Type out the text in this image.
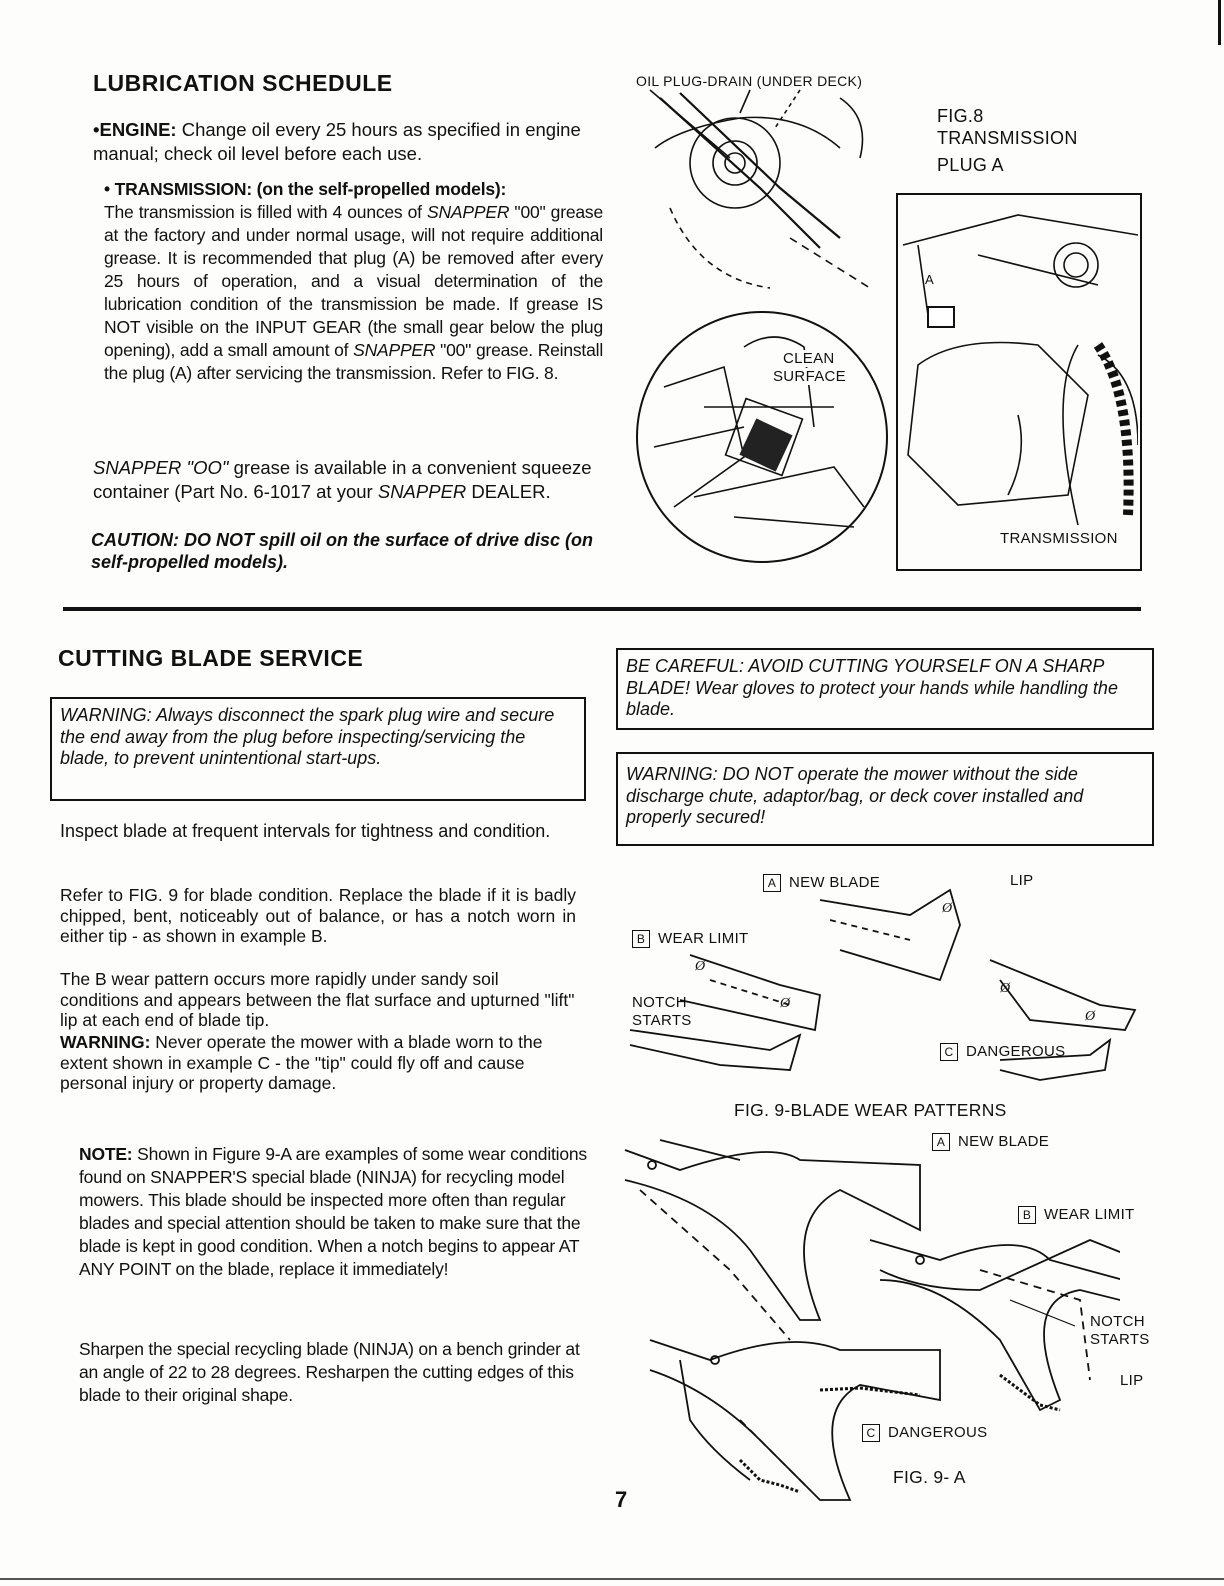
LUBRICATION SCHEDULE

•ENGINE: Change oil every 25 hours as specified in engine manual; check oil level before each use.

• TRANSMISSION: (on the self-propelled models):
The transmission is filled with 4 ounces of SNAPPER "00" grease at the factory and under normal usage, will not require additional grease. It is recommended that plug (A) be removed after every 25 hours of operation, and a visual determination of the lubrication condition of the transmission be made. If grease IS NOT visible on the INPUT GEAR (the small gear below the plug opening), add a small amount of SNAPPER "00" grease. Reinstall the plug (A) after servicing the transmission. Refer to FIG. 8.

SNAPPER "OO" grease is available in a convenient squeeze container (Part No. 6-1017 at your SNAPPER DEALER.

CAUTION: DO NOT spill oil on the surface of drive disc (on self-propelled models).

OIL PLUG-DRAIN (UNDER DECK)
FIG.8
TRANSMISSION
PLUG A
CLEAN
SURFACE
A
TRANSMISSION
CUTTING BLADE SERVICE
WARNING: Always disconnect the spark plug wire and secure the end away from the plug before inspecting/servicing the blade, to prevent unintentional start-ups.

Inspect blade at frequent intervals for tightness and condition.

Refer to FIG. 9 for blade condition. Replace the blade if it is badly chipped, bent, noticeably out of balance, or has a notch worn in either tip - as shown in example B.

The B wear pattern occurs more rapidly under sandy soil conditions and appears between the flat surface and upturned "lift" lip at each end of blade tip.

WARNING: Never operate the mower with a blade worn to the extent shown in example C - the "tip" could fly off and cause personal injury or property damage.

NOTE: Shown in Figure 9-A are examples of some wear conditions found on SNAPPER'S special blade (NINJA) for recycling model mowers. This blade should be inspected more often than regular blades and special attention should be taken to make sure that the blade is kept in good condition. When a notch begins to appear AT ANY POINT on the blade, replace it immediately!

Sharpen the special recycling blade (NINJA) on a bench grinder at an angle of 22 to 28 degrees. Resharpen the cutting edges of this blade to their original shape.

BE CAREFUL: AVOID CUTTING YOURSELF ON A SHARP BLADE! Wear gloves to protect your hands while handling the blade.
WARNING: DO NOT operate the mower without the side discharge chute, adaptor/bag, or deck cover installed and properly secured!
A NEW BLADE	LIP
B WEAR LIMIT
NOTCH
STARTS
C DANGEROUS
FIG. 9-BLADE WEAR PATTERNS
Ø
Ø
Ø
Ø
Ø
A NEW BLADE
B WEAR LIMIT
NOTCH
STARTS
LIP
C DANGEROUS
FIG. 9- A
7
